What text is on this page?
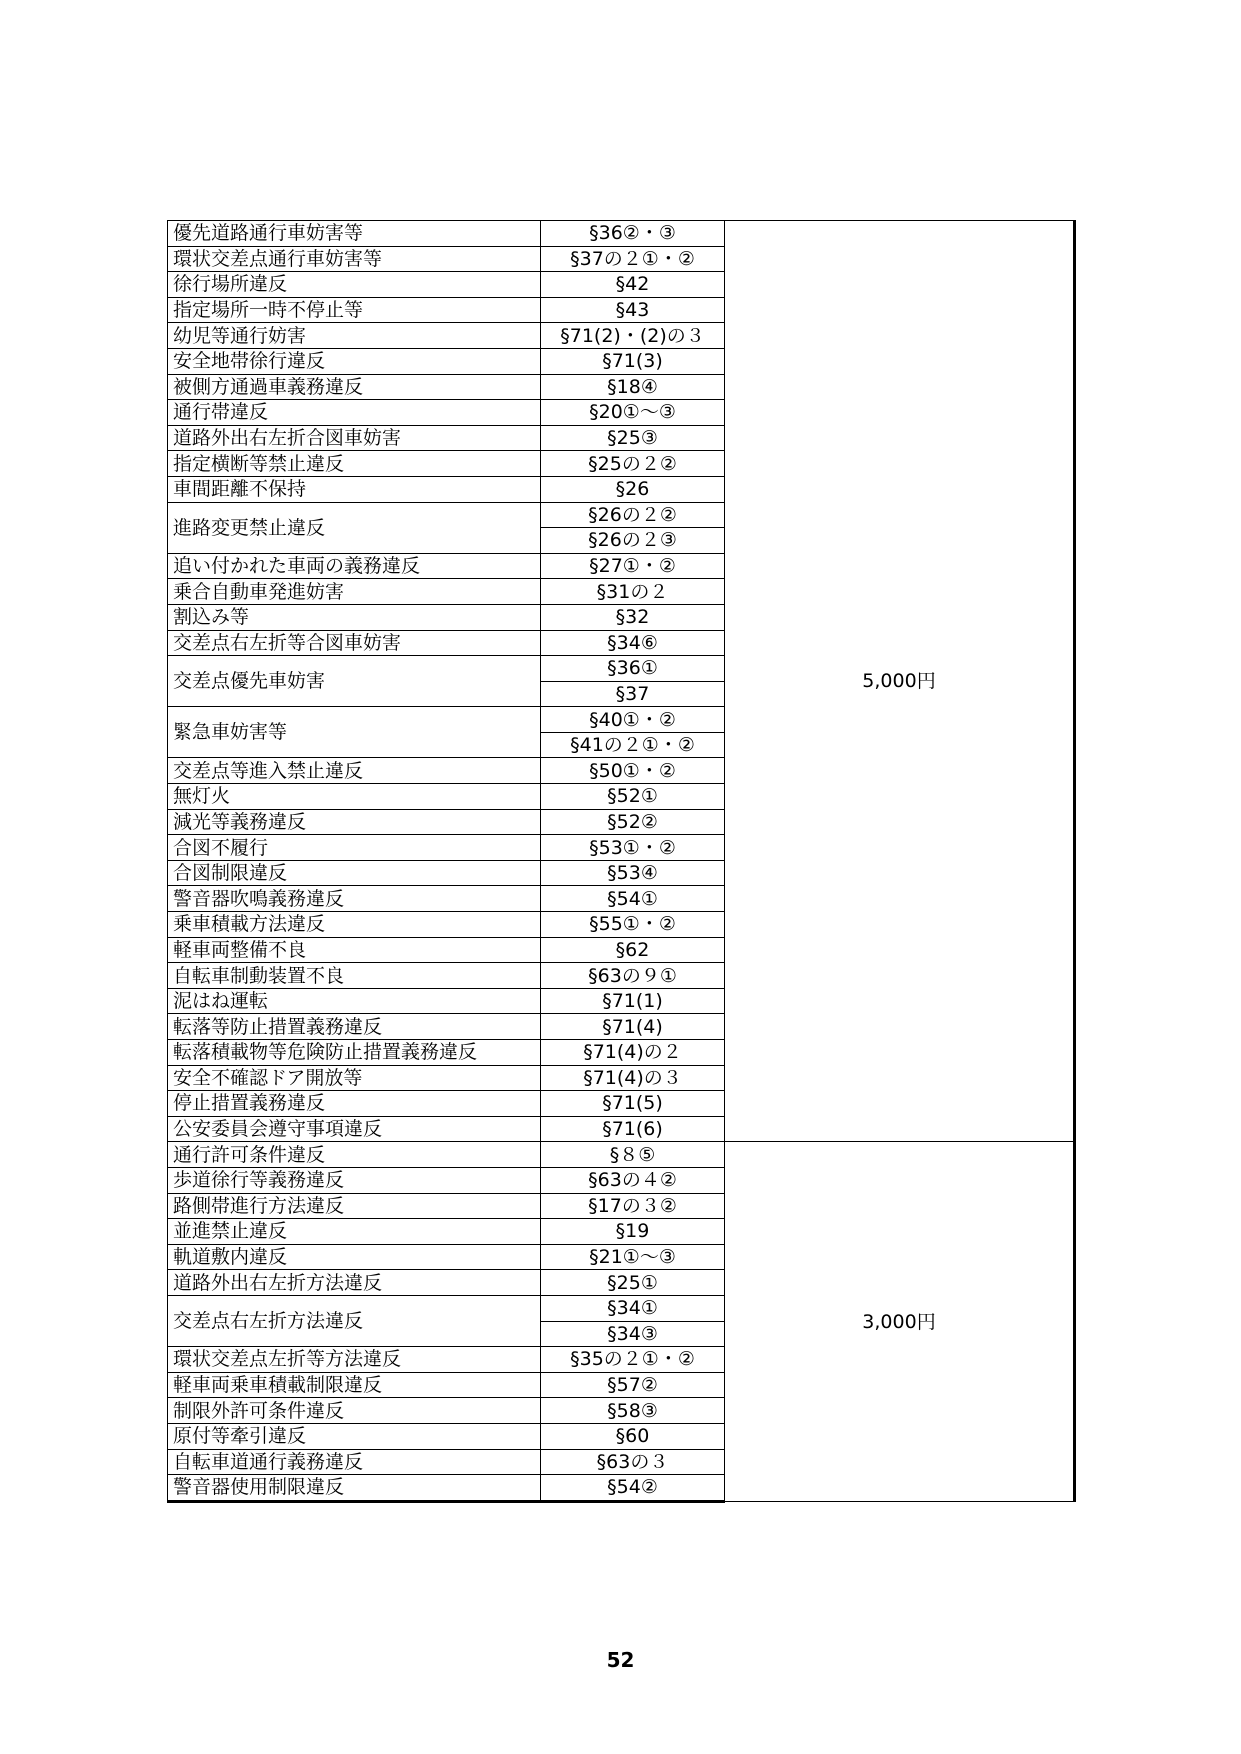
優先道路通行車妨害等	§36②・③	5,000円
環状交差点通行車妨害等	§37の２①・②	
徐行場所違反	§42	
指定場所一時不停止等	§43	
幼児等通行妨害	§71(2)・(2)の３	
安全地帯徐行違反	§71(3)	
被側方通過車義務違反	§18④	
通行帯違反	§20①～③	
道路外出右左折合図車妨害	§25③	
指定横断等禁止違反	§25の２②	
車間距離不保持	§26	
進路変更禁止違反	§26の２②	
	§26の２③	
追い付かれた車両の義務違反	§27①・②	
乗合自動車発進妨害	§31の２	
割込み等	§32	
交差点右左折等合図車妨害	§34⑥	
交差点優先車妨害	§36①	
	§37	
緊急車妨害等	§40①・②	
	§41の２①・②	
交差点等進入禁止違反	§50①・②	
無灯火	§52①	
減光等義務違反	§52②	
合図不履行	§53①・②	
合図制限違反	§53④	
警音器吹鳴義務違反	§54①	
乗車積載方法違反	§55①・②	
軽車両整備不良	§62	
自転車制動装置不良	§63の９①	
泥はね運転	§71(1)	
転落等防止措置義務違反	§71(4)	
転落積載物等危険防止措置義務違反	§71(4)の２	
安全不確認ドア開放等	§71(4)の３	
停止措置義務違反	§71(5)	
公安委員会遵守事項違反	§71(6)	
通行許可条件違反	§８⑤	3,000円
歩道徐行等義務違反	§63の４②	
路側帯進行方法違反	§17の３②	
並進禁止違反	§19	
軌道敷内違反	§21①～③	
道路外出右左折方法違反	§25①	
交差点右左折方法違反	§34①	
	§34③	
環状交差点左折等方法違反	§35の２①・②	
軽車両乗車積載制限違反	§57②	
制限外許可条件違反	§58③	
原付等牽引違反	§60	
自転車道通行義務違反	§63の３	
警音器使用制限違反	§54②	
52
